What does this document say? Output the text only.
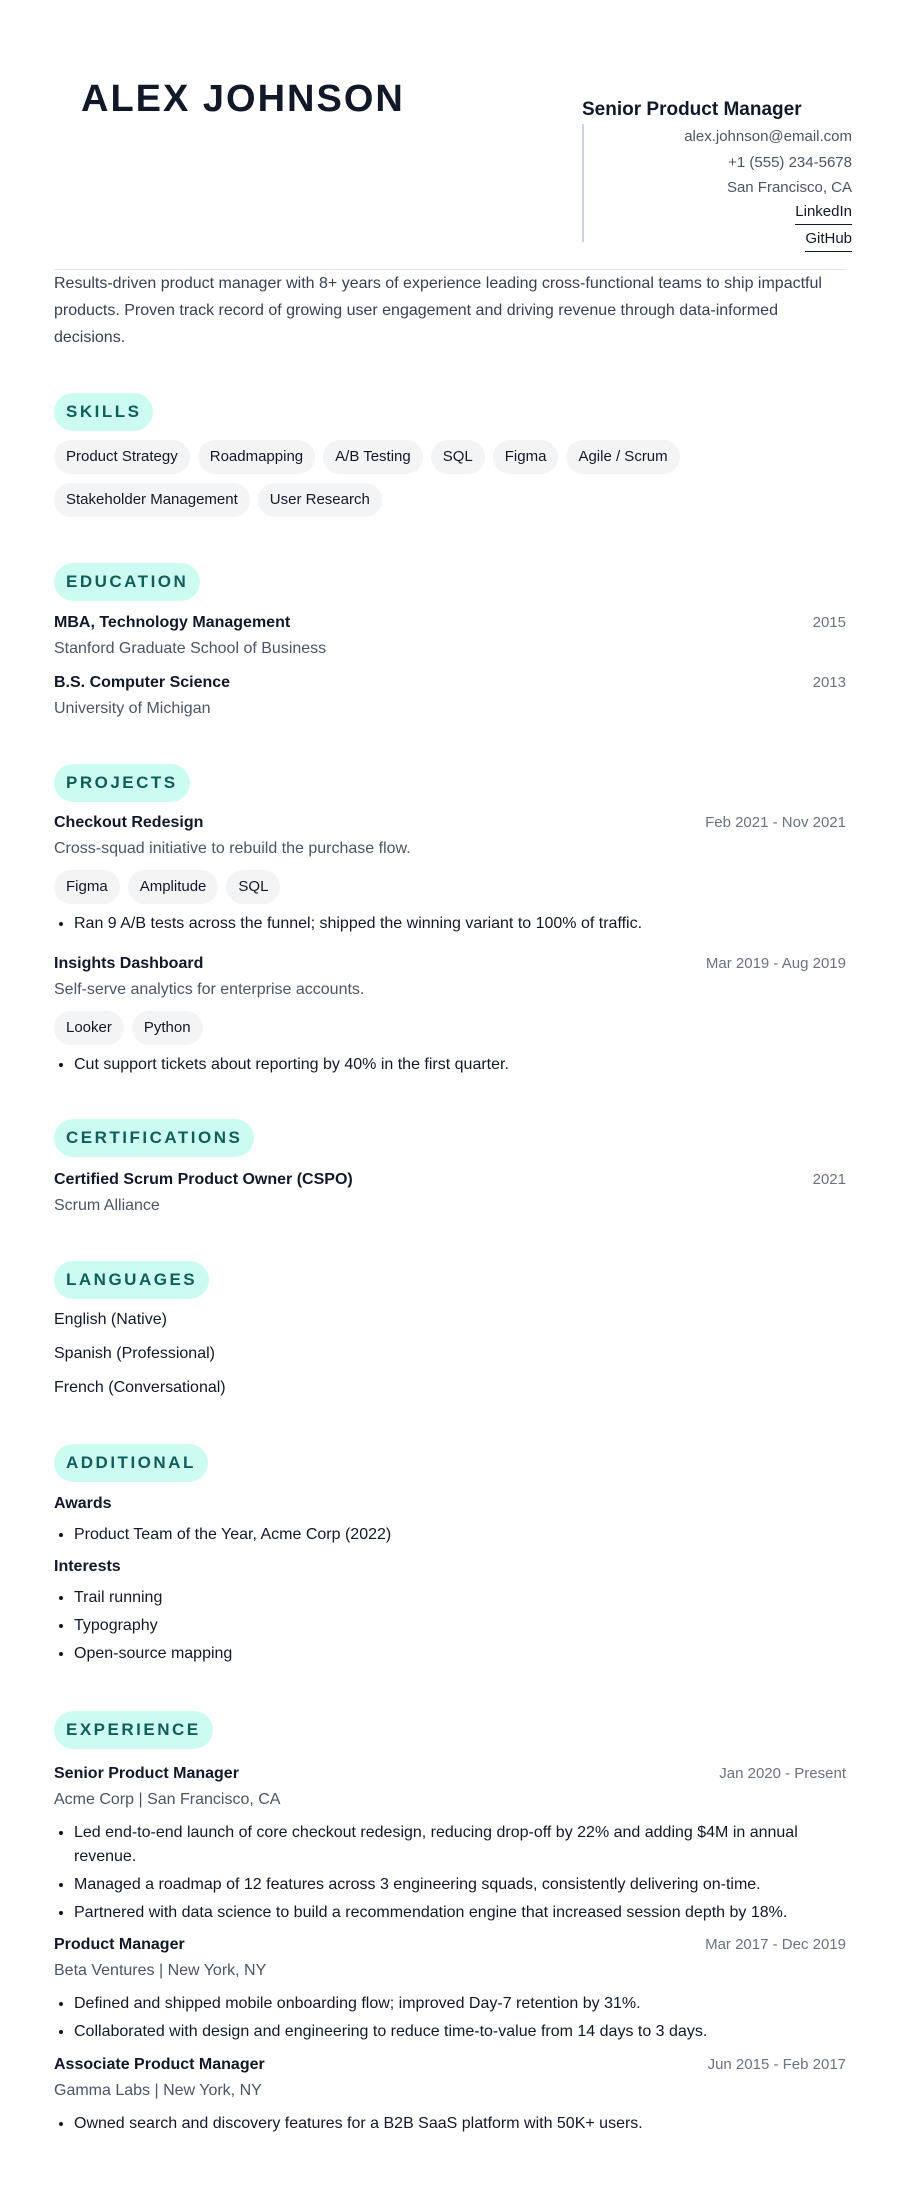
ALEX JOHNSON	Senior Product Manager
alex.johnson@email.com
+1 (555) 234-5678
San Francisco, CA
LinkedIn
GitHub

Results-driven product manager with 8+ years of experience leading cross-functional teams to ship impactful products. Proven track record of growing user engagement and driving revenue through data-informed decisions.

SKILLS
Product Strategy Roadmapping A/B Testing SQL Figma Agile / Scrum
Stakeholder Management User Research
EDUCATION
MBA, Technology Management	2015
Stanford Graduate School of Business
B.S. Computer Science	2013
University of Michigan
PROJECTS
Checkout Redesign	Feb 2021 - Nov 2021
Cross-squad initiative to rebuild the purchase flow.
Figma Amplitude SQL
• Ran 9 A/B tests across the funnel; shipped the winning variant to 100% of traffic.
Insights Dashboard	Mar 2019 - Aug 2019
Self-serve analytics for enterprise accounts.
Looker Python
• Cut support tickets about reporting by 40% in the first quarter.
CERTIFICATIONS
Certified Scrum Product Owner (CSPO)	2021
Scrum Alliance
LANGUAGES
English (Native)
Spanish (Professional)
French (Conversational)
ADDITIONAL
Awards
• Product Team of the Year, Acme Corp (2022)
Interests
• Trail running
• Typography
• Open-source mapping
EXPERIENCE
Senior Product Manager	Jan 2020 - Present
Acme Corp | San Francisco, CA
• Led end-to-end launch of core checkout redesign, reducing drop-off by 22% and adding $4M in annual revenue.
• Managed a roadmap of 12 features across 3 engineering squads, consistently delivering on-time.
• Partnered with data science to build a recommendation engine that increased session depth by 18%.
Product Manager	Mar 2017 - Dec 2019
Beta Ventures | New York, NY
• Defined and shipped mobile onboarding flow; improved Day-7 retention by 31%.
• Collaborated with design and engineering to reduce time-to-value from 14 days to 3 days.
Associate Product Manager	Jun 2015 - Feb 2017
Gamma Labs | New York, NY
• Owned search and discovery features for a B2B SaaS platform with 50K+ users.
